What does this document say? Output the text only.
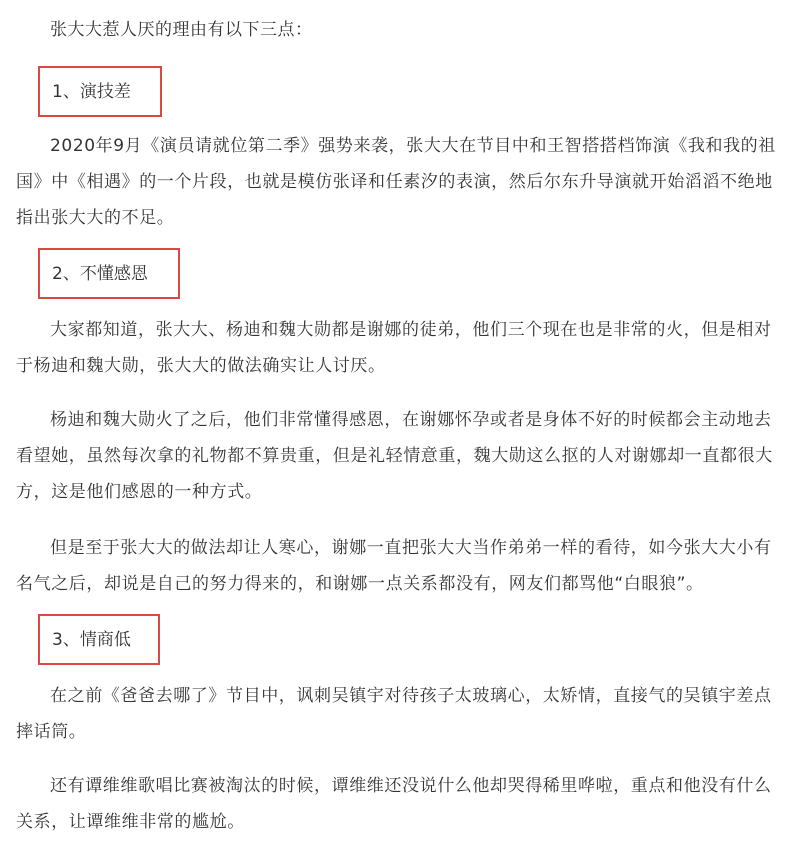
张大大惹人厌的理由有以下三点：
1、演技差

2020年9月《演员请就位第二季》强势来袭，张大大在节目中和王智搭搭档饰演《我和我的祖国》中《相遇》的一个片段，也就是模仿张译和任素汐的表演，然后尔东升导演就开始滔滔不绝地指出张大大的不足。

2、不懂感恩

大家都知道，张大大、杨迪和魏大勋都是谢娜的徒弟，他们三个现在也是非常的火，但是相对于杨迪和魏大勋，张大大的做法确实让人讨厌。

杨迪和魏大勋火了之后，他们非常懂得感恩，在谢娜怀孕或者是身体不好的时候都会主动地去看望她，虽然每次拿的礼物都不算贵重，但是礼轻情意重，魏大勋这么抠的人对谢娜却一直都很大方，这是他们感恩的一种方式。

但是至于张大大的做法却让人寒心，谢娜一直把张大大当作弟弟一样的看待，如今张大大小有名气之后，却说是自己的努力得来的，和谢娜一点关系都没有，网友们都骂他“白眼狼”。

3、情商低

在之前《爸爸去哪了》节目中，讽刺吴镇宇对待孩子太玻璃心，太矫情，直接气的吴镇宇差点摔话筒。

还有谭维维歌唱比赛被淘汰的时候，谭维维还没说什么他却哭得稀里哗啦，重点和他没有什么关系，让谭维维非常的尴尬。
